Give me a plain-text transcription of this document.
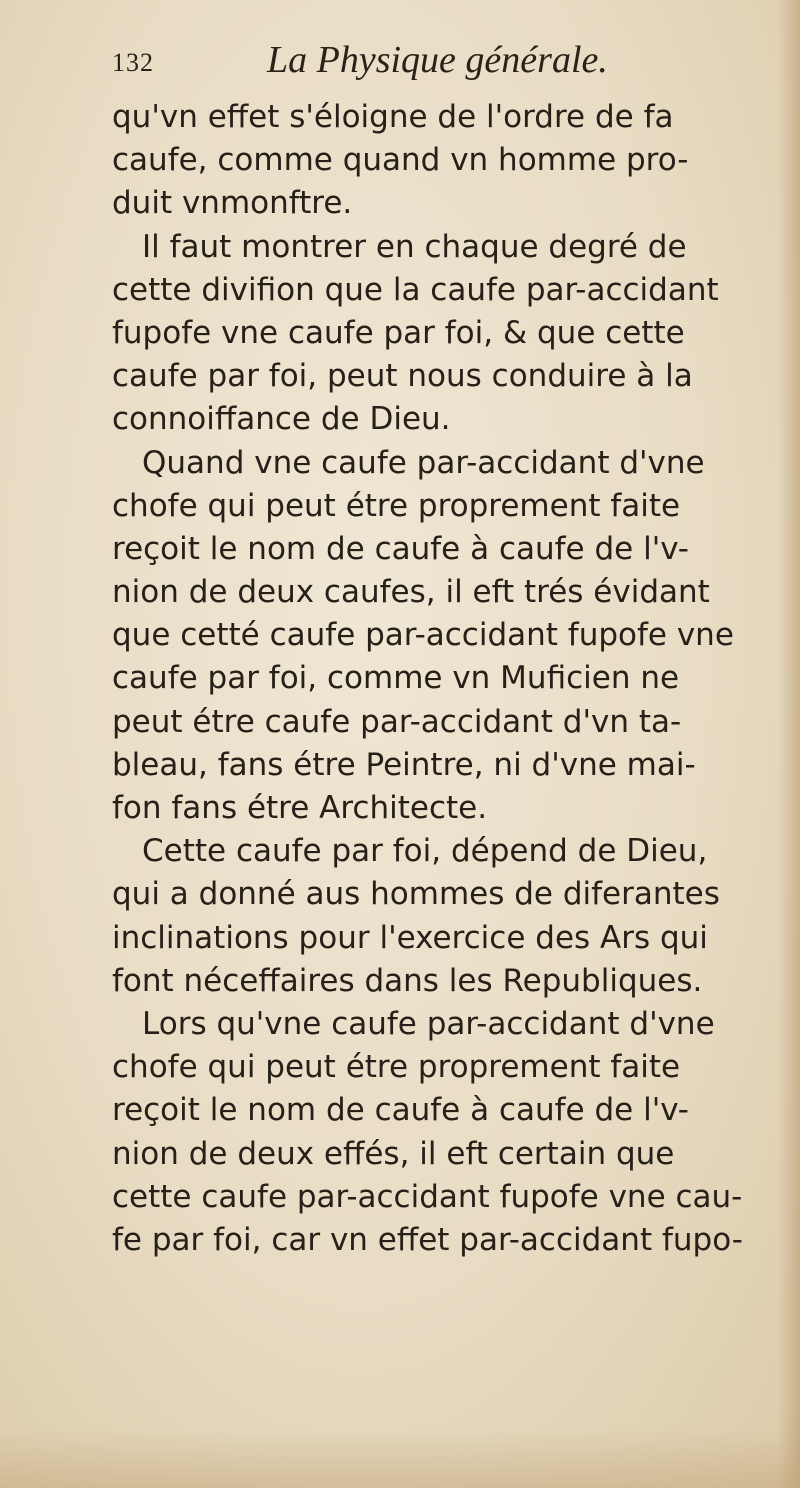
132	La Physique générale.
qu'vn effet s'éloigne de l'ordre de fa
caufe, comme quand vn homme pro-
duit vnmonftre.
Il faut montrer en chaque degré de
cette divifion que la caufe par-accidant
fupofe vne caufe par foi, & que cette
caufe par foi, peut nous conduire à la
connoiffance de Dieu.
Quand vne caufe par-accidant d'vne
chofe qui peut étre proprement faite
reçoit le nom de caufe à caufe de l'v-
nion de deux caufes, il eft trés évidant
que cetté caufe par-accidant fupofe vne
caufe par foi, comme vn Muficien ne
peut étre caufe par-accidant d'vn ta-
bleau, fans étre Peintre, ni d'vne mai-
fon fans étre Architecte.
Cette caufe par foi, dépend de Dieu,
qui a donné aus hommes de diferantes
inclinations pour l'exercice des Ars qui
font néceffaires dans les Republiques.
Lors qu'vne caufe par-accidant d'vne
chofe qui peut étre proprement faite
reçoit le nom de caufe à caufe de l'v-
nion de deux effés, il eft certain que
cette caufe par-accidant fupofe vne cau-
fe par foi, car vn effet par-accidant fupo-
